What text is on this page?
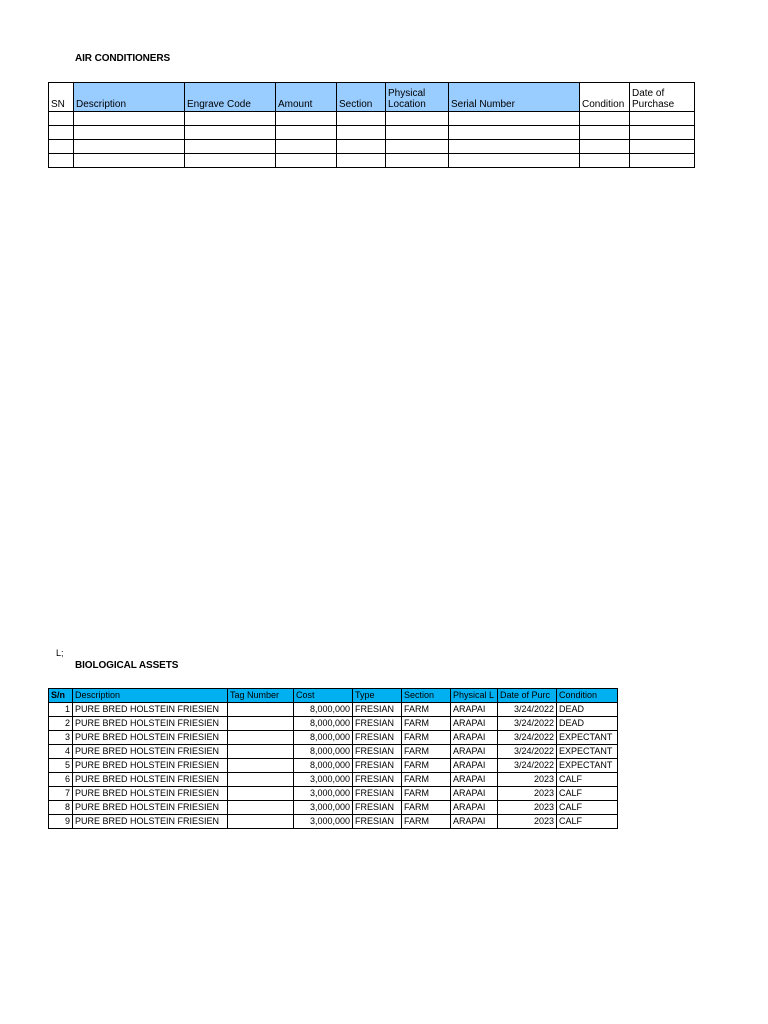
AIR CONDITIONERS
SN	Description	Engrave Code	Amount	Section	Physical Location	Serial Number	Condition	Date of Purchase

L;
BIOLOGICAL ASSETS
S/n	Description	Tag Number	Cost	Type	Section	Physical L	Date of Purc	Condition
1	PURE BRED HOLSTEIN FRIESIEN		8,000,000	FRESIAN	FARM	ARAPAI	3/24/2022	DEAD
2	PURE BRED HOLSTEIN FRIESIEN		8,000,000	FRESIAN	FARM	ARAPAI	3/24/2022	DEAD
3	PURE BRED HOLSTEIN FRIESIEN		8,000,000	FRESIAN	FARM	ARAPAI	3/24/2022	EXPECTANT
4	PURE BRED HOLSTEIN FRIESIEN		8,000,000	FRESIAN	FARM	ARAPAI	3/24/2022	EXPECTANT
5	PURE BRED HOLSTEIN FRIESIEN		8,000,000	FRESIAN	FARM	ARAPAI	3/24/2022	EXPECTANT
6	PURE BRED HOLSTEIN FRIESIEN		3,000,000	FRESIAN	FARM	ARAPAI	2023	CALF
7	PURE BRED HOLSTEIN FRIESIEN		3,000,000	FRESIAN	FARM	ARAPAI	2023	CALF
8	PURE BRED HOLSTEIN FRIESIEN		3,000,000	FRESIAN	FARM	ARAPAI	2023	CALF
9	PURE BRED HOLSTEIN FRIESIEN		3,000,000	FRESIAN	FARM	ARAPAI	2023	CALF
